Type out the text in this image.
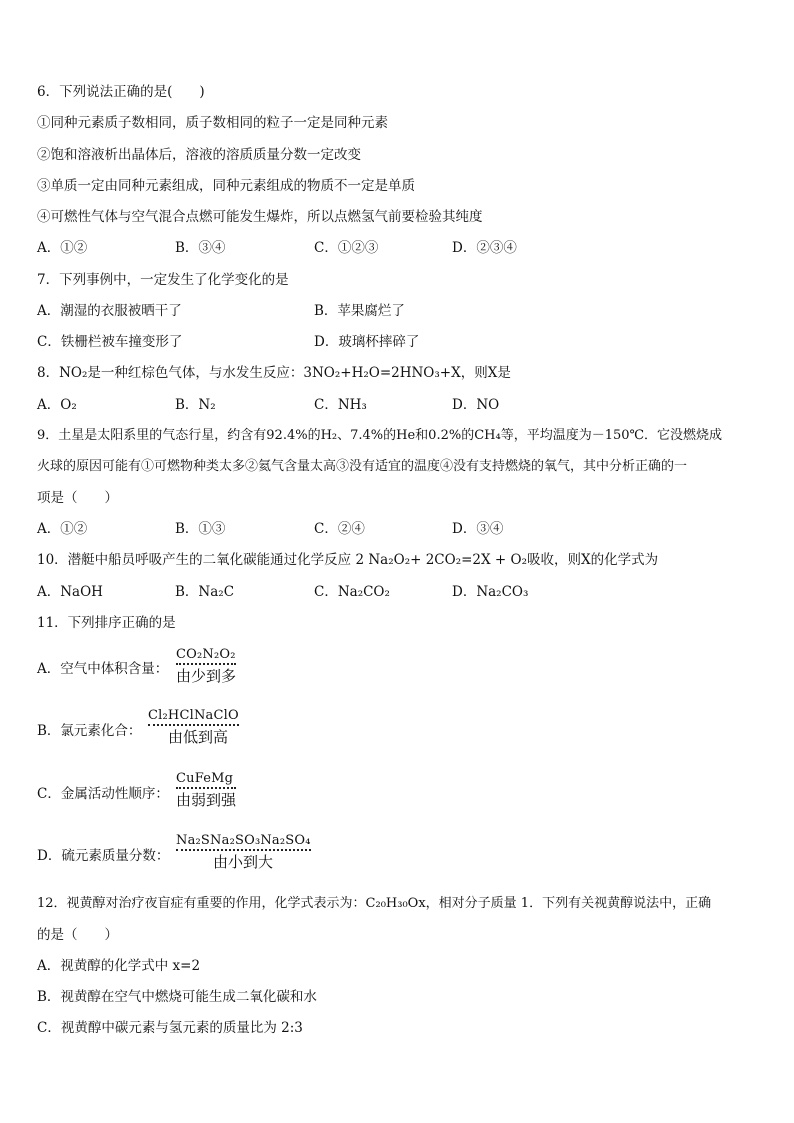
6．下列说法正确的是(　　)
①同种元素质子数相同，质子数相同的粒子一定是同种元素
②饱和溶液析出晶体后，溶液的溶质质量分数一定改变
③单质一定由同种元素组成，同种元素组成的物质不一定是单质
④可燃性气体与空气混合点燃可能发生爆炸，所以点燃氢气前要检验其纯度
A．①②	B．③④	C．①②③	D．②③④
7．下列事例中，一定发生了化学变化的是
A．潮湿的衣服被晒干了	B．苹果腐烂了
C．铁栅栏被车撞变形了	D．玻璃杯摔碎了
8．NO₂是一种红棕色气体，与水发生反应：3NO₂+H₂O=2HNO₃+X，则X是
A．O₂	B．N₂	C．NH₃	D．NO
9．土星是太阳系里的气态行星，约含有92.4%的H₂、7.4%的He和0.2%的CH₄等，平均温度为－150℃．它没燃烧成
火球的原因可能有①可燃物种类太多②氦气含量太高③没有适宜的温度④没有支持燃烧的氧气，其中分析正确的一
项是（　　）
A．①②	B．①③	C．②④	D．③④
10．潜艇中船员呼吸产生的二氧化碳能通过化学反应 2 Na₂O₂+ 2CO₂=2X + O₂吸收，则X的化学式为
A．NaOH	B．Na₂C	C．Na₂CO₂	D．Na₂CO₃
11．下列排序正确的是
A．空气中体积含量：
CO₂N₂O₂
由少到多
B．氯元素化合：
Cl₂HClNaClO
由低到高
C．金属活动性顺序：
CuFeMg
由弱到强
D．硫元素质量分数：
Na₂SNa₂SO₃Na₂SO₄
由小到大
12．视黄醇对治疗夜盲症有重要的作用，化学式表示为：C₂₀H₃₀Ox，相对分子质量 1．下列有关视黄醇说法中，正确
的是（　　）
A．视黄醇的化学式中 x=2
B．视黄醇在空气中燃烧可能生成二氧化碳和水
C．视黄醇中碳元素与氢元素的质量比为 2:3
